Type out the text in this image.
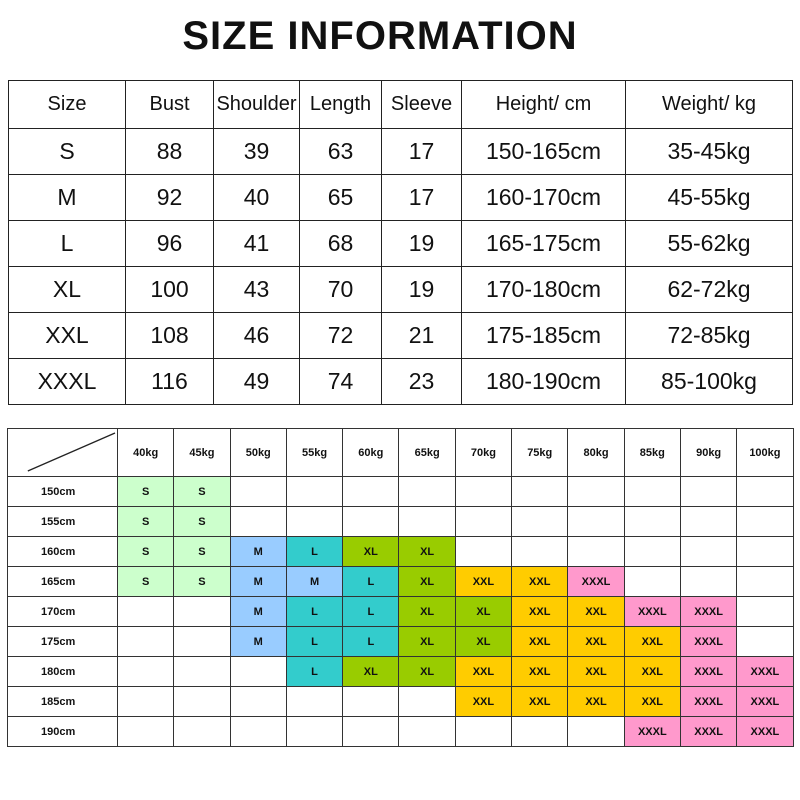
SIZE INFORMATION
Size	Bust	Shoulder	Length	Sleeve	Height/ cm	Weight/ kg
S	88	39	63	17	150-165cm	35-45kg
M	92	40	65	17	160-170cm	45-55kg
L	96	41	68	19	165-175cm	55-62kg
XL	100	43	70	19	170-180cm	62-72kg
XXL	108	46	72	21	175-185cm	72-85kg
XXXL	116	49	74	23	180-190cm	85-100kg
	40kg	45kg	50kg	55kg	60kg	65kg	70kg	75kg	80kg	85kg	90kg	100kg
150cm	S	S										
155cm	S	S										
160cm	S	S	M	L	XL	XL						
165cm	S	S	M	M	L	XL	XXL	XXL	XXXL			
170cm			M	L	L	XL	XL	XXL	XXL	XXXL	XXXL	
175cm			M	L	L	XL	XL	XXL	XXL	XXL	XXXL	
180cm				L	XL	XL	XXL	XXL	XXL	XXL	XXXL	XXXL
185cm							XXL	XXL	XXL	XXL	XXXL	XXXL
190cm										XXXL	XXXL	XXXL
